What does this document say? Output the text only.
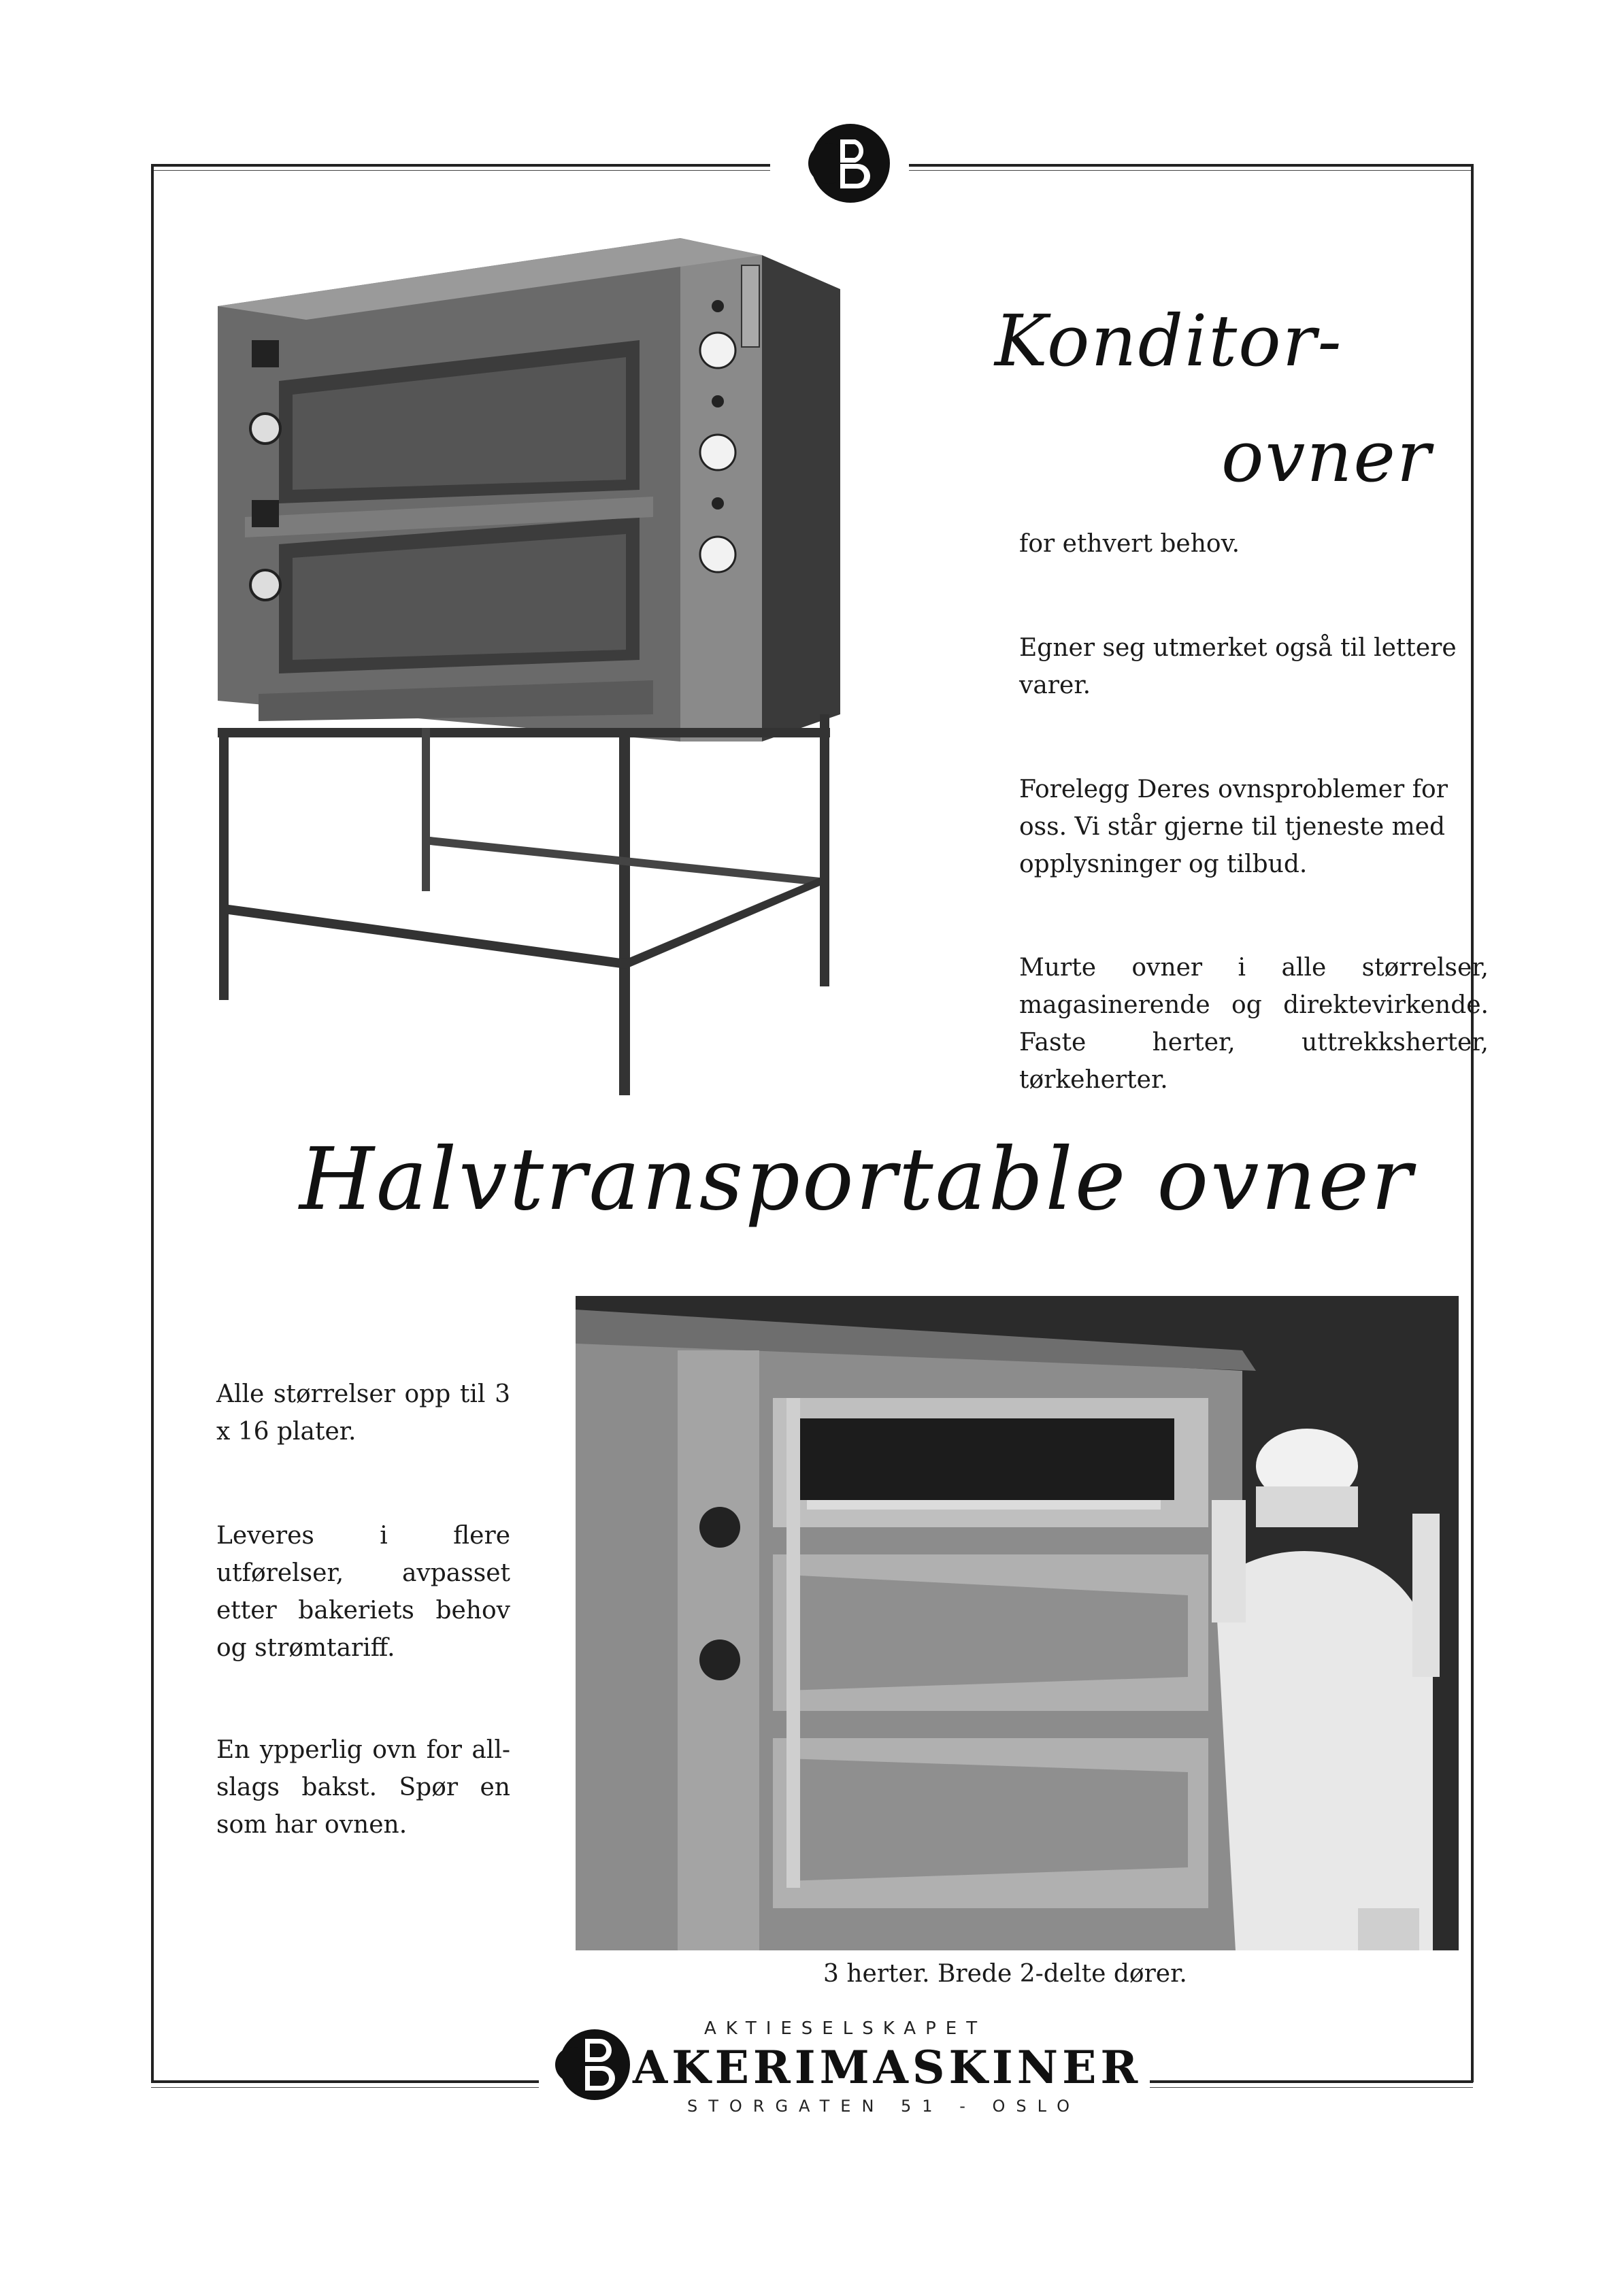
Konditor-
ovner
for ethvert behov.
Egner seg utmerket også til lettere varer.
Forelegg Deres ovnsproblemer for oss. Vi står gjerne til tjeneste med opplysninger og tilbud.
Murte ovner i alle størrelser, magasinerende og direktevirkende. Faste herter, uttrekksherter, tørkeherter.
Halvtransportable ovner
Alle størrelser opp til 3 x 16 plater.
Leveres i flere utførelser, avpasset etter bakeriets behov og strømtariff.
En ypperlig ovn for all-slags bakst. Spør en som har ovnen.
3 herter. Brede 2-delte dører.
AKTIESELSKAPET
AKERIMASKINER
STORGATEN 51 - OSLO
